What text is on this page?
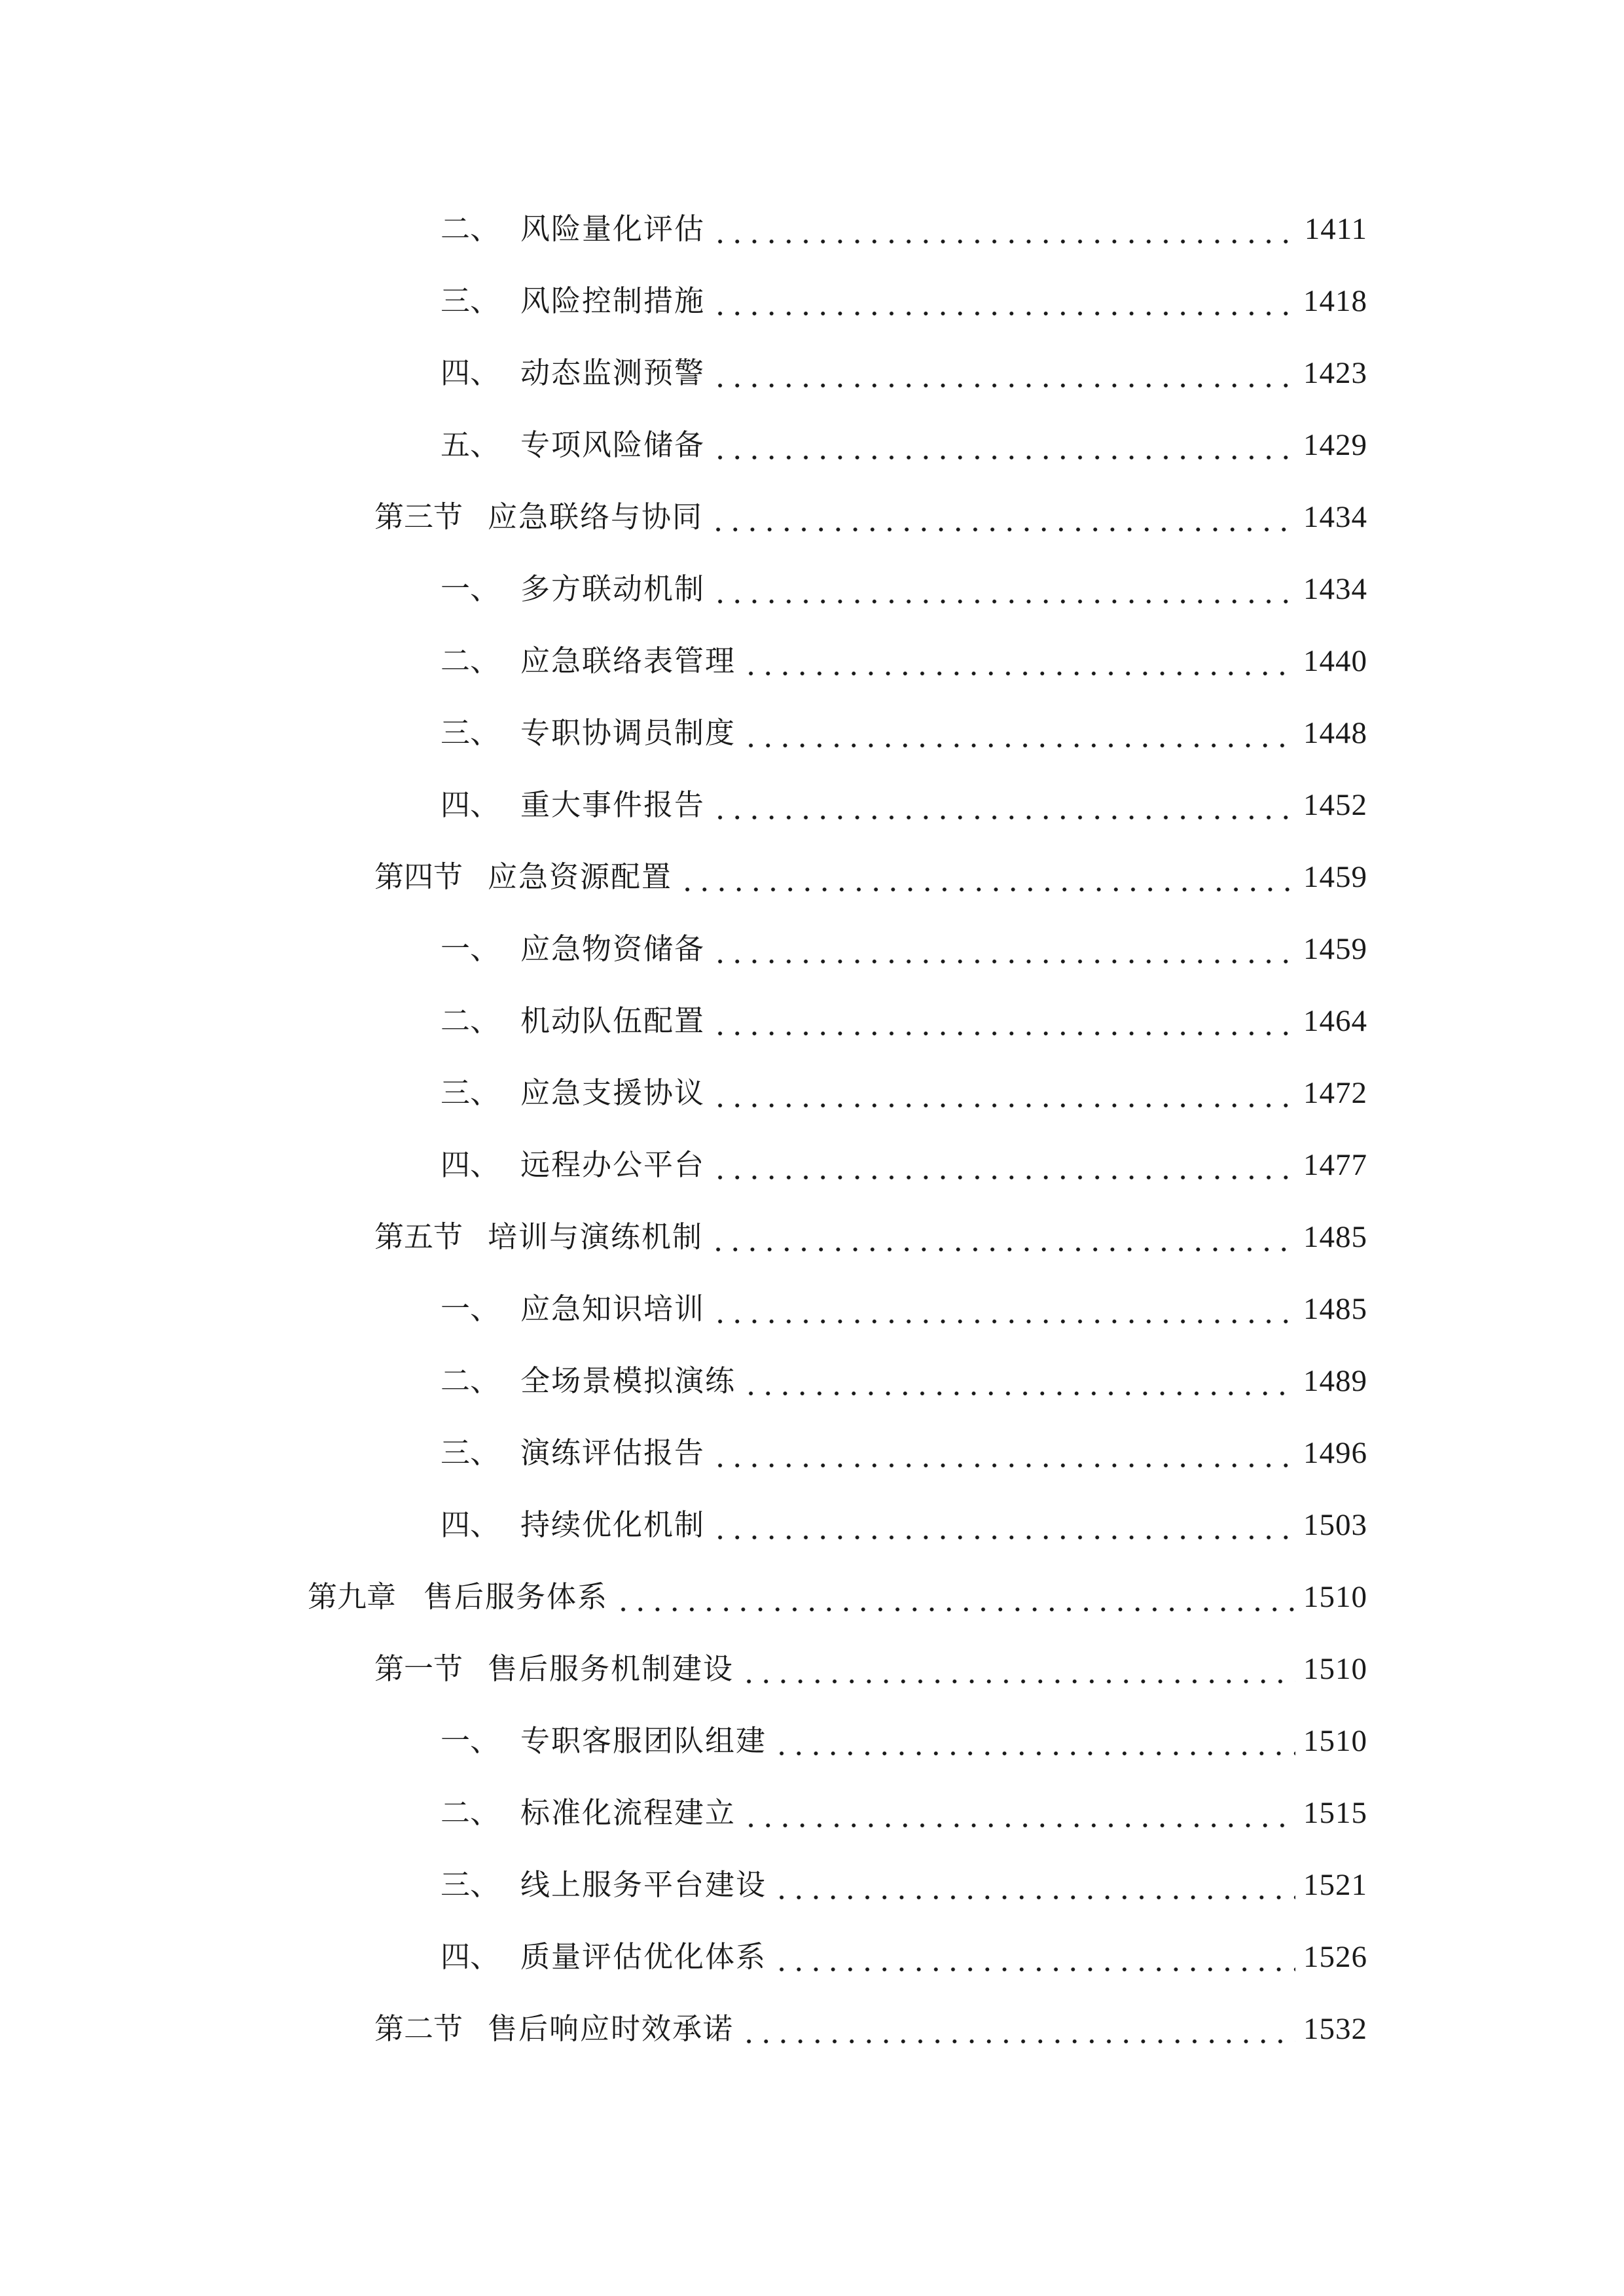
二、 风险量化评估	1411
三、 风险控制措施	1418
四、 动态监测预警	1423
五、 专项风险储备	1429
第三节 应急联络与协同	1434
一、 多方联动机制	1434
二、 应急联络表管理	1440
三、 专职协调员制度	1448
四、 重大事件报告	1452
第四节 应急资源配置	1459
一、 应急物资储备	1459
二、 机动队伍配置	1464
三、 应急支援协议	1472
四、 远程办公平台	1477
第五节 培训与演练机制	1485
一、 应急知识培训	1485
二、 全场景模拟演练	1489
三、 演练评估报告	1496
四、 持续优化机制	1503
第九章 售后服务体系	1510
第一节 售后服务机制建设	1510
一、 专职客服团队组建	1510
二、 标准化流程建立	1515
三、 线上服务平台建设	1521
四、 质量评估优化体系	1526
第二节 售后响应时效承诺	1532
